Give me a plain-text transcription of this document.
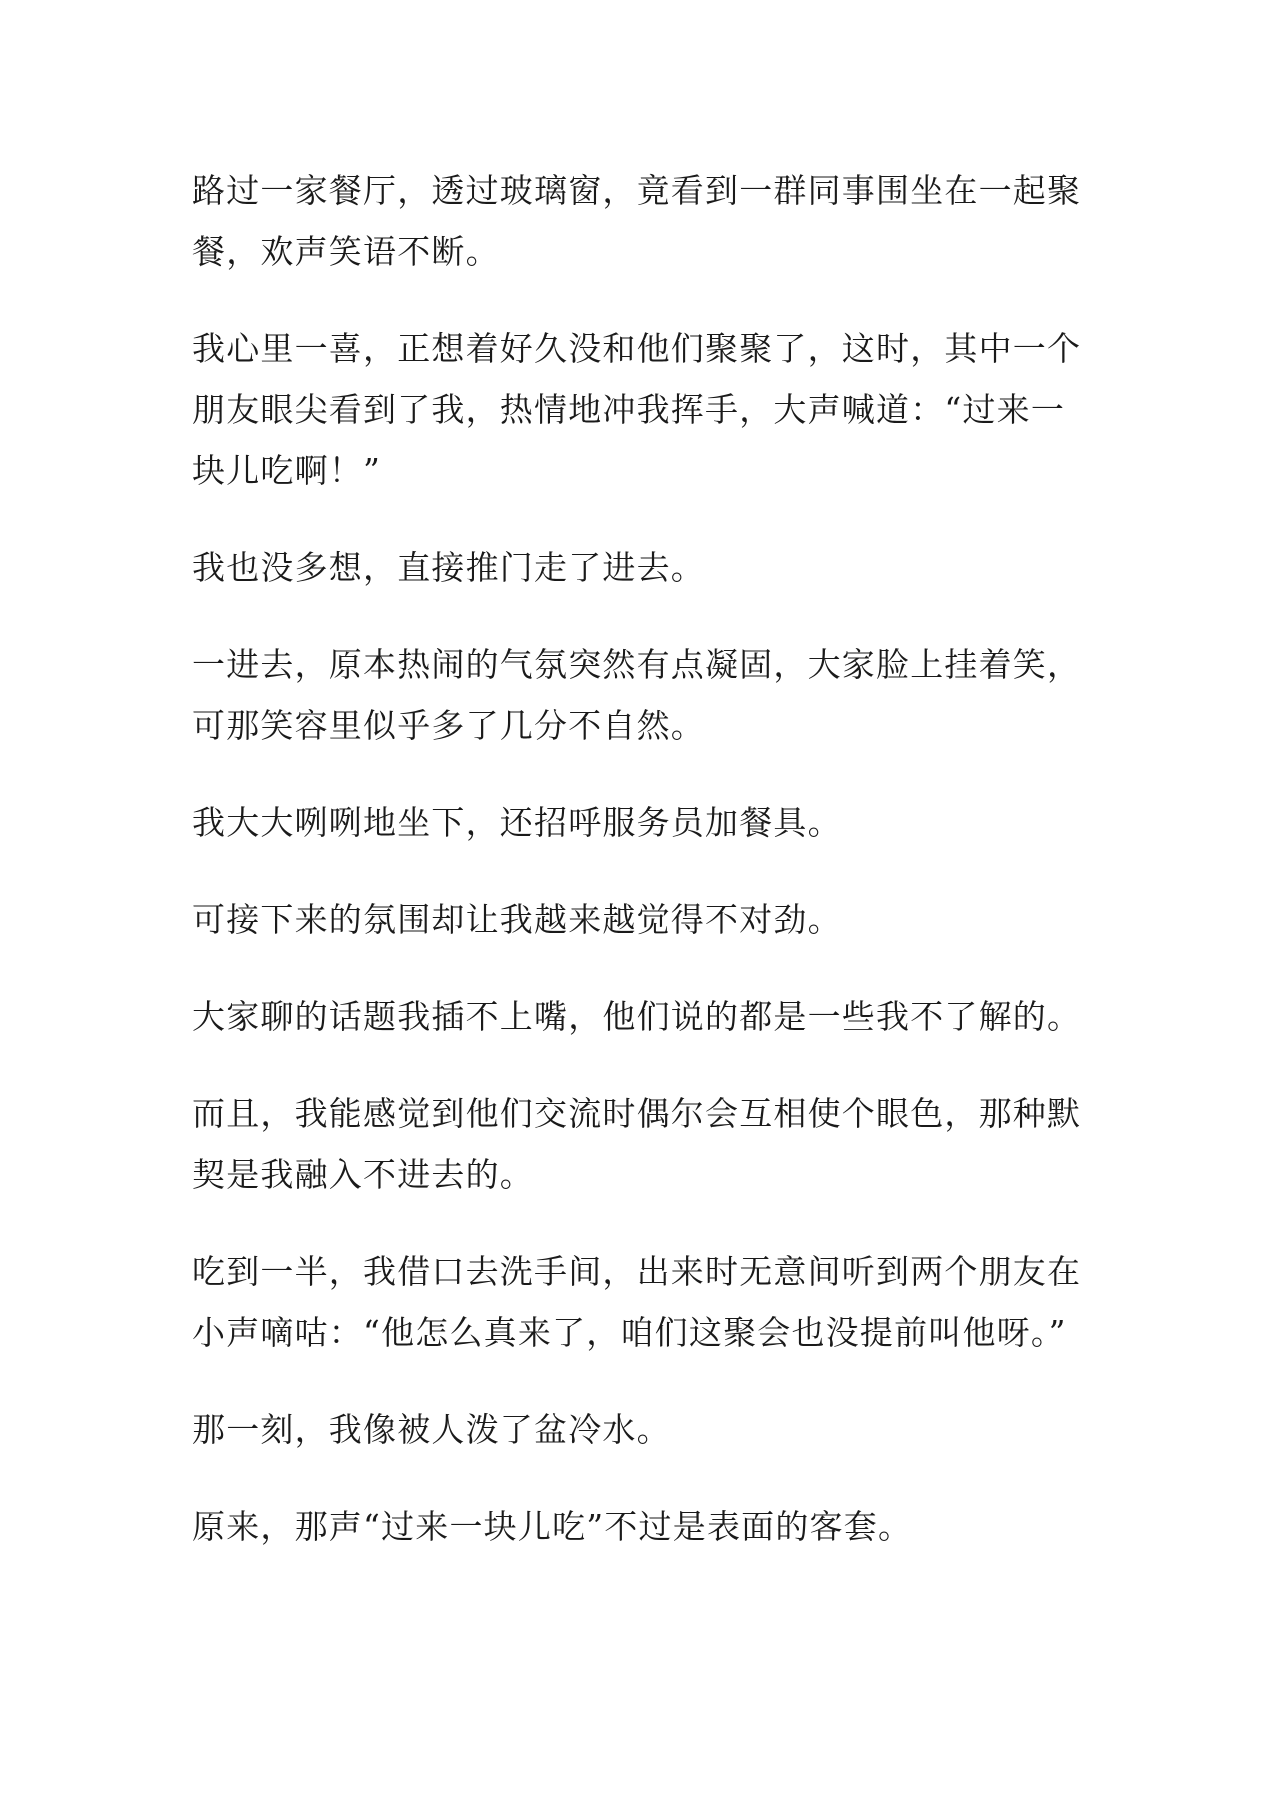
路过一家餐厅，透过玻璃窗，竟看到一群同事围坐在一起聚餐，欢声笑语不断。

我心里一喜，正想着好久没和他们聚聚了，这时，其中一个朋友眼尖看到了我，热情地冲我挥手，大声喊道：“过来一块儿吃啊！”

我也没多想，直接推门走了进去。

一进去，原本热闹的气氛突然有点凝固，大家脸上挂着笑，可那笑容里似乎多了几分不自然。

我大大咧咧地坐下，还招呼服务员加餐具。

可接下来的氛围却让我越来越觉得不对劲。

大家聊的话题我插不上嘴，他们说的都是一些我不了解的。

而且，我能感觉到他们交流时偶尔会互相使个眼色，那种默契是我融入不进去的。

吃到一半，我借口去洗手间，出来时无意间听到两个朋友在小声嘀咕：“他怎么真来了，咱们这聚会也没提前叫他呀。”

那一刻，我像被人泼了盆冷水。

原来，那声“过来一块儿吃”不过是表面的客套。
